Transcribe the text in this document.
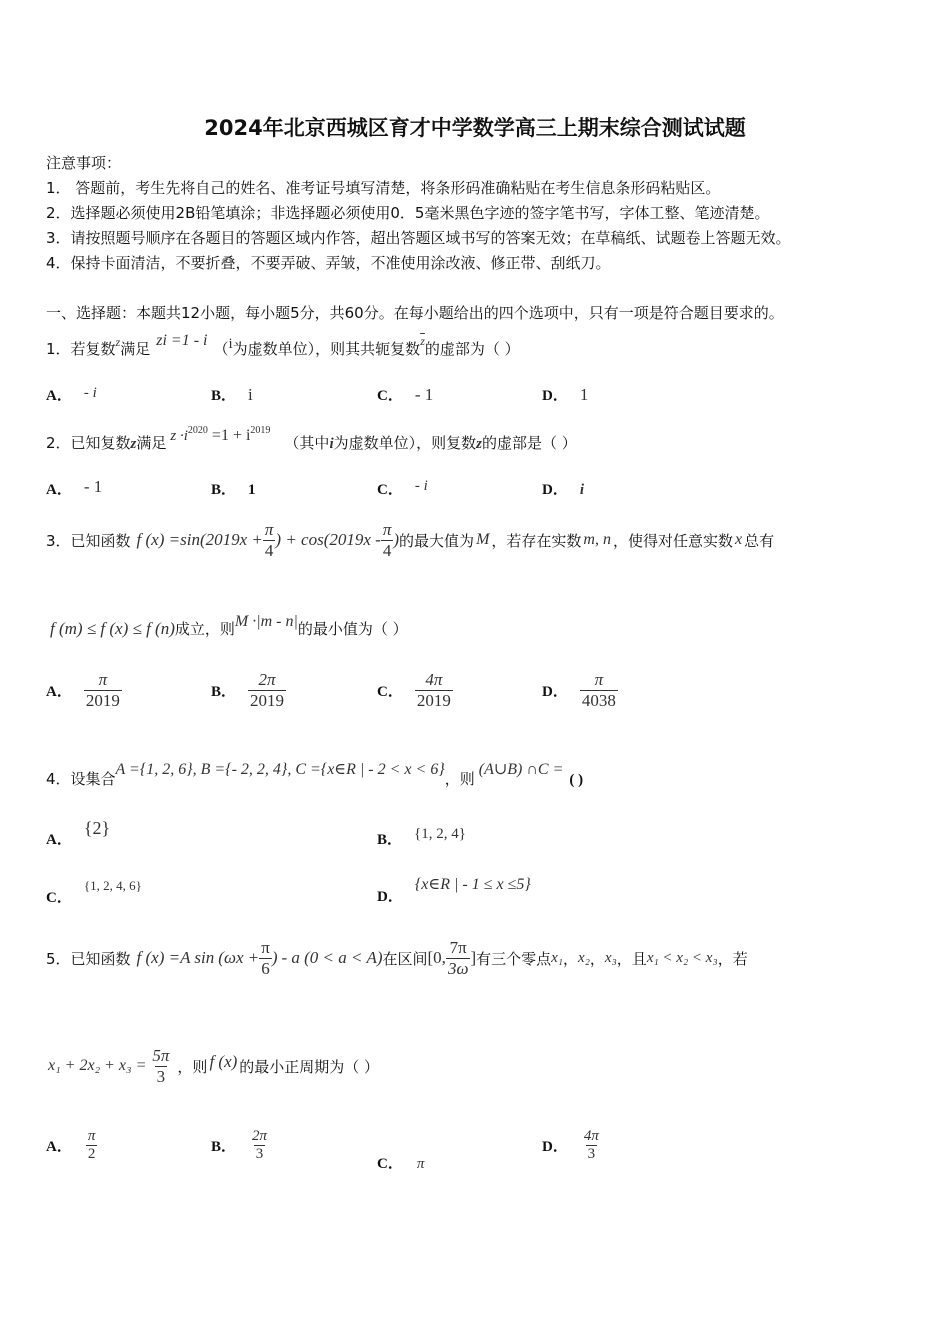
2024年北京西城区育才中学数学高三上期末综合测试试题
注意事项：
1． 答题前，考生先将自己的姓名、准考证号填写清楚，将条形码准确粘贴在考生信息条形码粘贴区。
2．选择题必须使用2B铅笔填涂；非选择题必须使用0．5毫米黑色字迹的签字笔书写，字体工整、笔迹清楚。
3．请按照题号顺序在各题目的答题区域内作答，超出答题区域书写的答案无效；在草稿纸、试题卷上答题无效。
4．保持卡面清洁，不要折叠，不要弄破、弄皱，不准使用涂改液、修正带、刮纸刀。
一、选择题：本题共12小题，每小题5分，共60分。在每小题给出的四个选项中，只有一项是符合题目要求的。
1．若复数$^z$满足 zi =1 - i （i为虚数单位），则其共轭复数$^{\overline{z}}$的虚部为（ ）
A． - i	B． i	C． - 1	D． 1
2．已知复数z满足 $z \cdot i^{2020} =1 + i^{2019}$（其中i为虚数单位），则复数z的虚部是（ ）
A． - 1	B． 1	C． - i	D． i
3．已知函数 f $(x) =\sin(2019x + \frac{\pi}{4}$ ) + $\cos(2019x - \frac{\pi}{4}$ ) 的最大值为 M ，若存在实数 m, n ，使得对任意实数 x 总有
f (m) ≤ f (x) ≤ f (n)成立，则M ·|m - n|的最小值为（ ）
A． $\frac{\pi}{2019}$	B． $\frac{2\pi}{2019}$	C． $\frac{4\pi}{2019}$	D． $\frac{\pi}{4038}$
4．设集合A ={1, 2, 6}, B ={- 2, 2, 4}, C ={x∈R | - 2 < x < 6}，则(A∪B) ∩C =( )
A．{2}
B． {1, 2, 4}
C．{1, 2, 4, 6}
D．{x∈R | - 1 ≤ x ≤5}
5．已知函数 f (x) =A $\sin (\omega x + \frac{\pi}{6}$ ) - a (0 < a < A) 在区间 [0, $\frac{7\pi}{3\omega}$ ] 有三个零点 x₁ ， x₂ ， x₃ ，且 x₁ < x₂ < x₃ ，若
$x_1 + 2x_2 + x_3 = \frac{5\pi}{3}$ ，则 f (x) 的最小正周期为（ ）
A． $\frac{\pi}{2}$	B． $\frac{2\pi}{3}$
C． π
D． $\frac{4\pi}{3}$
